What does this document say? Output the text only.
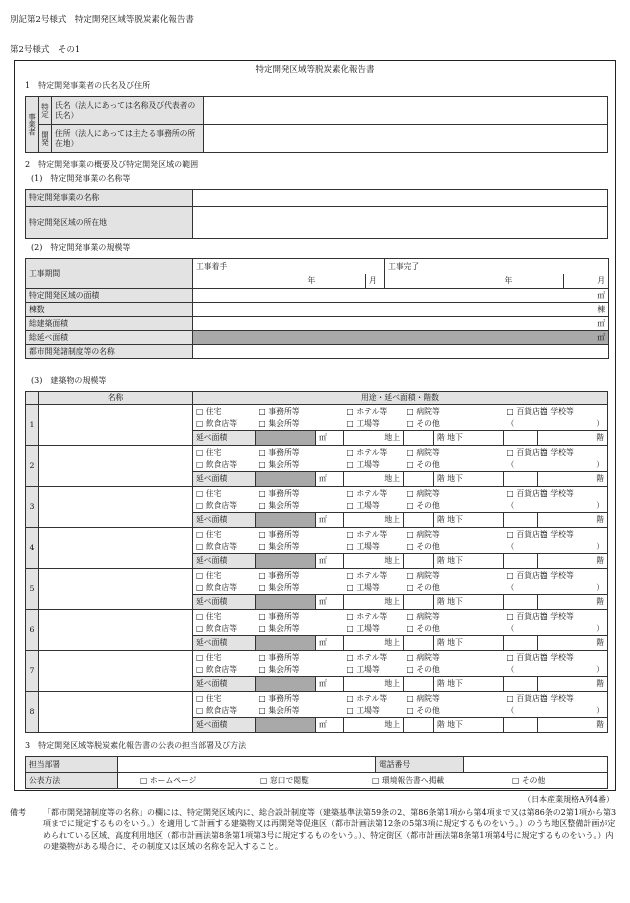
別記第2号様式　特定開発区域等脱炭素化報告書
第2号様式　その1
特定開発区域等脱炭素化報告書
1　特定開発事業者の氏名及び住所
事業者	特定	氏名（法人にあっては名称及び代表者の氏名）	
	開発	住所（法人にあっては主たる事務所の所在地）	
2　特定開発事業の概要及び特定開発区域の範囲
(1)　特定開発事業の名称等
特定開発事業の名称	
特定開発区域の所在地	
(2)　特定開発事業の規模等
工事期間	工事着手			工事完了		
		年	月		年	月
特定開発区域の面積	㎡					
棟数	棟					
総建築面積	㎡					
総延べ面積	㎡					
都市開発諸制度等の名称						
(3)　建築物の規模等
	名称	用途・延べ面積・階数
1		□ 住宅	□ 事務所等		□ ホテル等	□ 病院等		□ 百貨店等	□ 学校等
		□ 飲食店等	□ 集会所等		□ 工場等	□ その他		（	）
		延べ面積		㎡	地上		階 地下		階
2		□ 住宅	□ 事務所等		□ ホテル等	□ 病院等		□ 百貨店等	□ 学校等
		□ 飲食店等	□ 集会所等		□ 工場等	□ その他		（	）
		延べ面積		㎡	地上		階 地下		階
3		□ 住宅	□ 事務所等		□ ホテル等	□ 病院等		□ 百貨店等	□ 学校等
		□ 飲食店等	□ 集会所等		□ 工場等	□ その他		（	）
		延べ面積		㎡	地上		階 地下		階
4		□ 住宅	□ 事務所等		□ ホテル等	□ 病院等		□ 百貨店等	□ 学校等
		□ 飲食店等	□ 集会所等		□ 工場等	□ その他		（	）
		延べ面積		㎡	地上		階 地下		階
5		□ 住宅	□ 事務所等		□ ホテル等	□ 病院等		□ 百貨店等	□ 学校等
		□ 飲食店等	□ 集会所等		□ 工場等	□ その他		（	）
		延べ面積		㎡	地上		階 地下		階
6		□ 住宅	□ 事務所等		□ ホテル等	□ 病院等		□ 百貨店等	□ 学校等
		□ 飲食店等	□ 集会所等		□ 工場等	□ その他		（	）
		延べ面積		㎡	地上		階 地下		階
7		□ 住宅	□ 事務所等		□ ホテル等	□ 病院等		□ 百貨店等	□ 学校等
		□ 飲食店等	□ 集会所等		□ 工場等	□ その他		（	）
		延べ面積		㎡	地上		階 地下		階
8		□ 住宅	□ 事務所等		□ ホテル等	□ 病院等		□ 百貨店等	□ 学校等
		□ 飲食店等	□ 集会所等		□ 工場等	□ その他		（	）
		延べ面積		㎡	地上		階 地下		階
3　特定開発区域等脱炭素化報告書の公表の担当部署及び方法
担当部署		電話番号	
公表方法	□ ホームページ □ 窓口で閲覧 □ 環境報告書へ掲載 □ その他		
（日本産業規格A列4番）
備考 「都市開発諸制度等の名称」の欄には、特定開発区域内に、総合設計制度等（建築基準法第59条の2、第86条第1項から第4項まで又は第86条の2第1項から第3項までに規定するものをいう。）を適用して計画する建築物又は再開発等促進区（都市計画法第12条の5第3項に規定するものをいう。）のうち地区整備計画が定められている区域、高度利用地区（都市計画法第8条第1項第3号に規定するものをいう。）、特定街区（都市計画法第8条第1項第4号に規定するものをいう。）内の建築物がある場合に、その制度又は区域の名称を記入すること。
